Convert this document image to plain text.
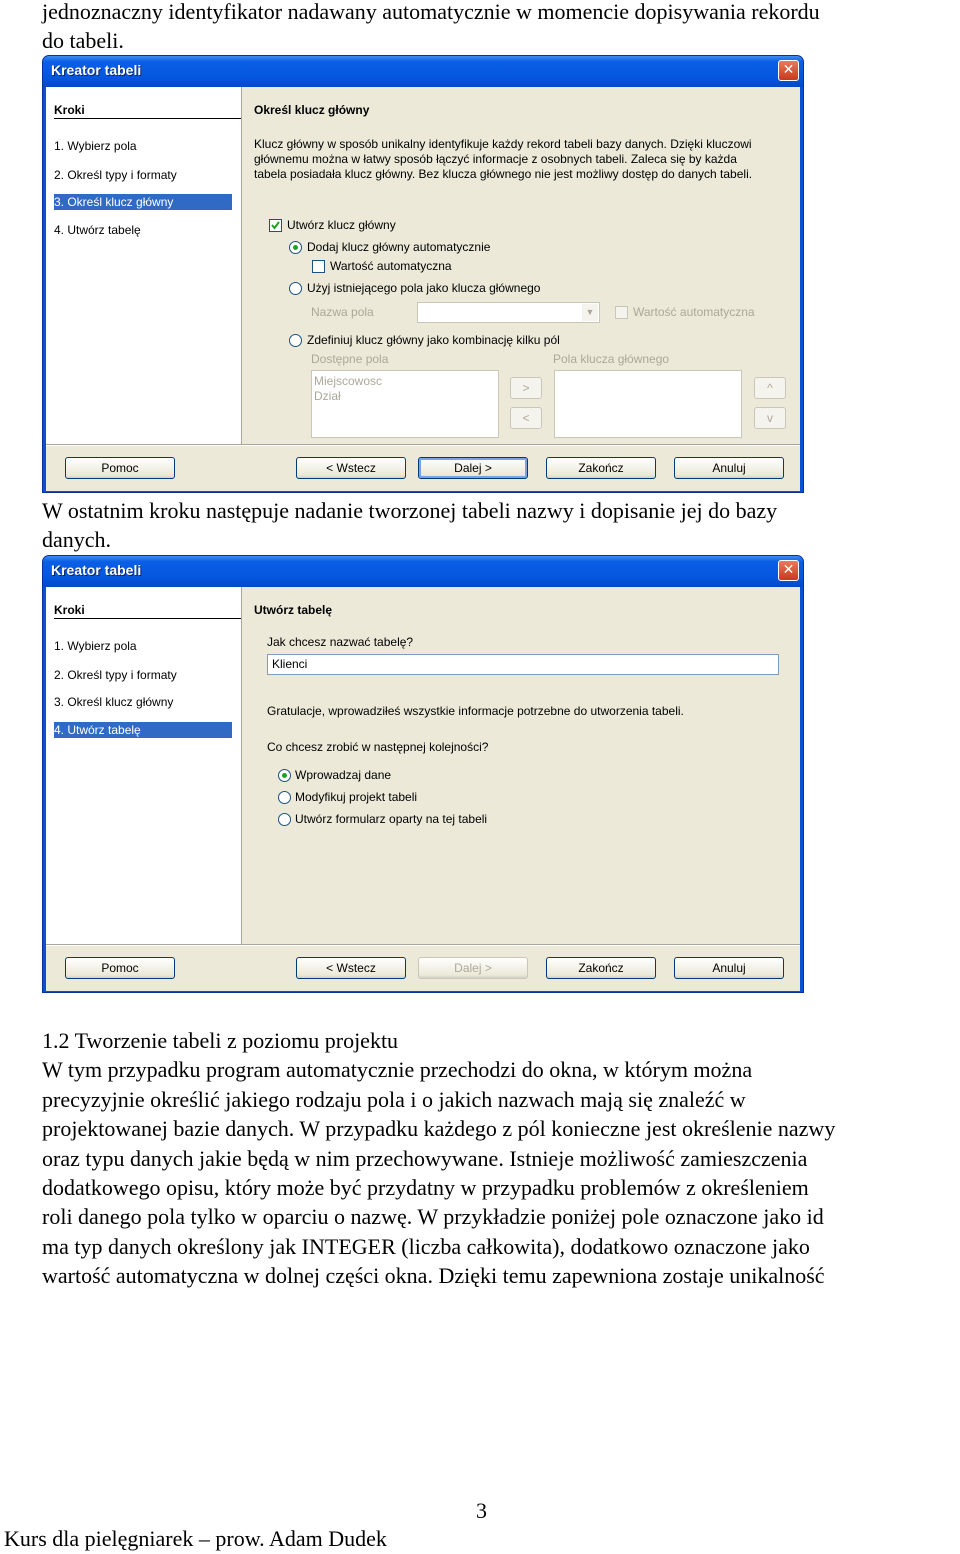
jednoznaczny identyfikator nadawany automatycznie w momencie dopisywania rekordu
do tabeli.
Kreator tabeli	✕
Kroki
1. Wybierz pola
2. Określ typy i formaty
3. Określ klucz główny
4. Utwórz tabelę
Określ klucz główny
Klucz główny w sposób unikalny identyfikuje każdy rekord tabeli bazy danych. Dzięki kluczowi
głównemu można w łatwy sposób łączyć informacje z osobnych tabeli. Zaleca się by każda
tabela posiadała klucz główny. Bez klucza głównego nie jest możliwy dostęp do danych tabeli.
Utwórz klucz główny
Dodaj klucz główny automatycznie
Wartość automatyczna
Użyj istniejącego pola jako klucza głównego
Nazwa pola	▼	Wartość automatyczna
Zdefiniuj klucz główny jako kombinację kilku pól
Dostępne pola	Pola klucza głównego
Miejscowosc
Dział
>
<
^
v
Pomoc	< Wstecz	Dalej >	Zakończ	Anuluj
W ostatnim kroku następuje nadanie tworzonej tabeli nazwy i dopisanie jej do bazy
danych.
Kreator tabeli	✕
Kroki
1. Wybierz pola
2. Określ typy i formaty
3. Określ klucz główny
4. Utwórz tabelę
Utwórz tabelę
Jak chcesz nazwać tabelę?
Klienci
Gratulacje, wprowadziłeś wszystkie informacje potrzebne do utworzenia tabeli.
Co chcesz zrobić w następnej kolejności?
Wprowadzaj dane
Modyfikuj projekt tabeli
Utwórz formularz oparty na tej tabeli
Pomoc	< Wstecz	Dalej >	Zakończ	Anuluj
1.2 Tworzenie tabeli z poziomu projektu
W tym przypadku program automatycznie przechodzi do okna, w którym można
precyzyjnie określić jakiego rodzaju pola i o jakich nazwach mają się znaleźć w
projektowanej bazie danych. W przypadku każdego z pól konieczne jest określenie nazwy
oraz typu danych jakie będą w nim przechowywane. Istnieje możliwość zamieszczenia
dodatkowego opisu, który może być przydatny w przypadku problemów z określeniem
roli danego pola tylko w oparciu o nazwę. W przykładzie poniżej pole oznaczone jako id
ma typ danych określony jak INTEGER (liczba całkowita), dodatkowo oznaczone jako
wartość automatyczna w dolnej części okna. Dzięki temu zapewniona zostaje unikalność
3
Kurs dla pielęgniarek – prow. Adam Dudek
